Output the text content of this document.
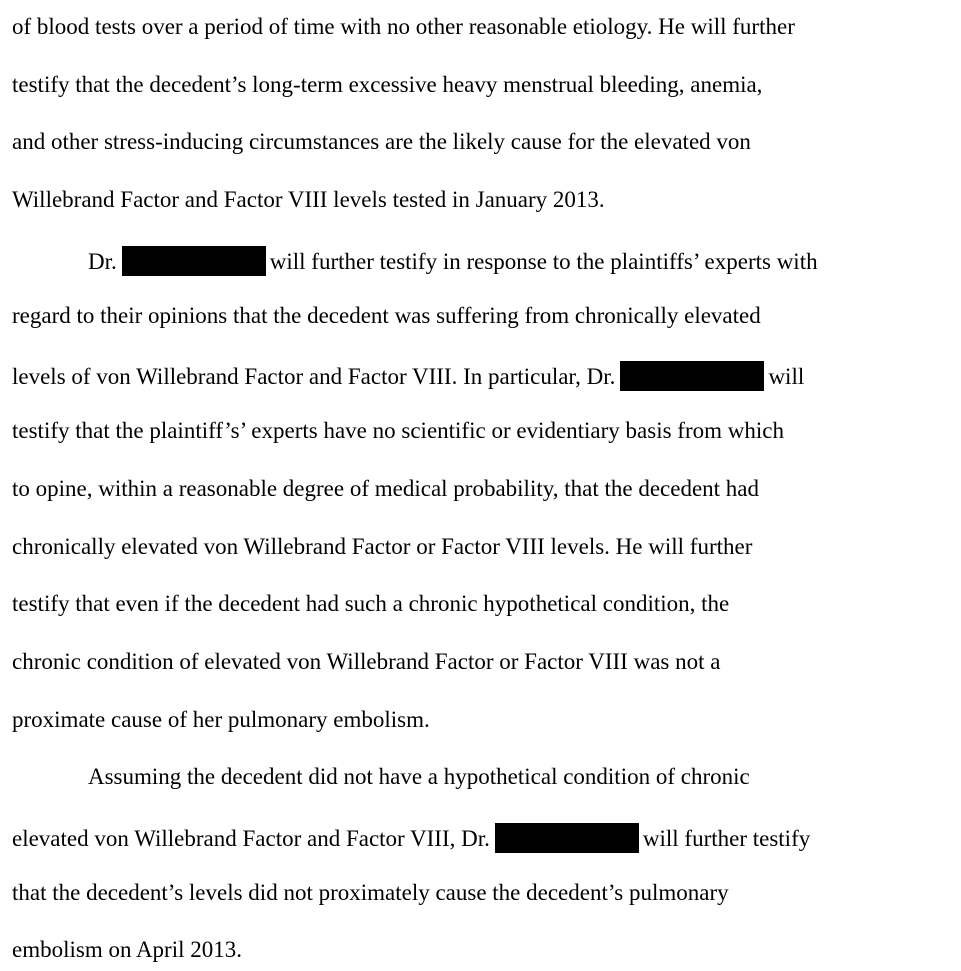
of blood tests over a period of time with no other reasonable etiology. He will further
testify that the decedent’s long-term excessive heavy menstrual bleeding, anemia,
and other stress-inducing circumstances are the likely cause for the elevated von
Willebrand Factor and Factor VIII levels tested in January 2013.
Dr.	will further testify in response to the plaintiffs’ experts with
regard to their opinions that the decedent was suffering from chronically elevated
levels of von Willebrand Factor and Factor VIII. In particular, Dr.	will
testify that the plaintiff’s’ experts have no scientific or evidentiary basis from which
to opine, within a reasonable degree of medical probability, that the decedent had
chronically elevated von Willebrand Factor or Factor VIII levels. He will further
testify that even if the decedent had such a chronic hypothetical condition, the
chronic condition of elevated von Willebrand Factor or Factor VIII was not a
proximate cause of her pulmonary embolism.
Assuming the decedent did not have a hypothetical condition of chronic
elevated von Willebrand Factor and Factor VIII, Dr.	will further testify
that the decedent’s levels did not proximately cause the decedent’s pulmonary
embolism on April 2013.
